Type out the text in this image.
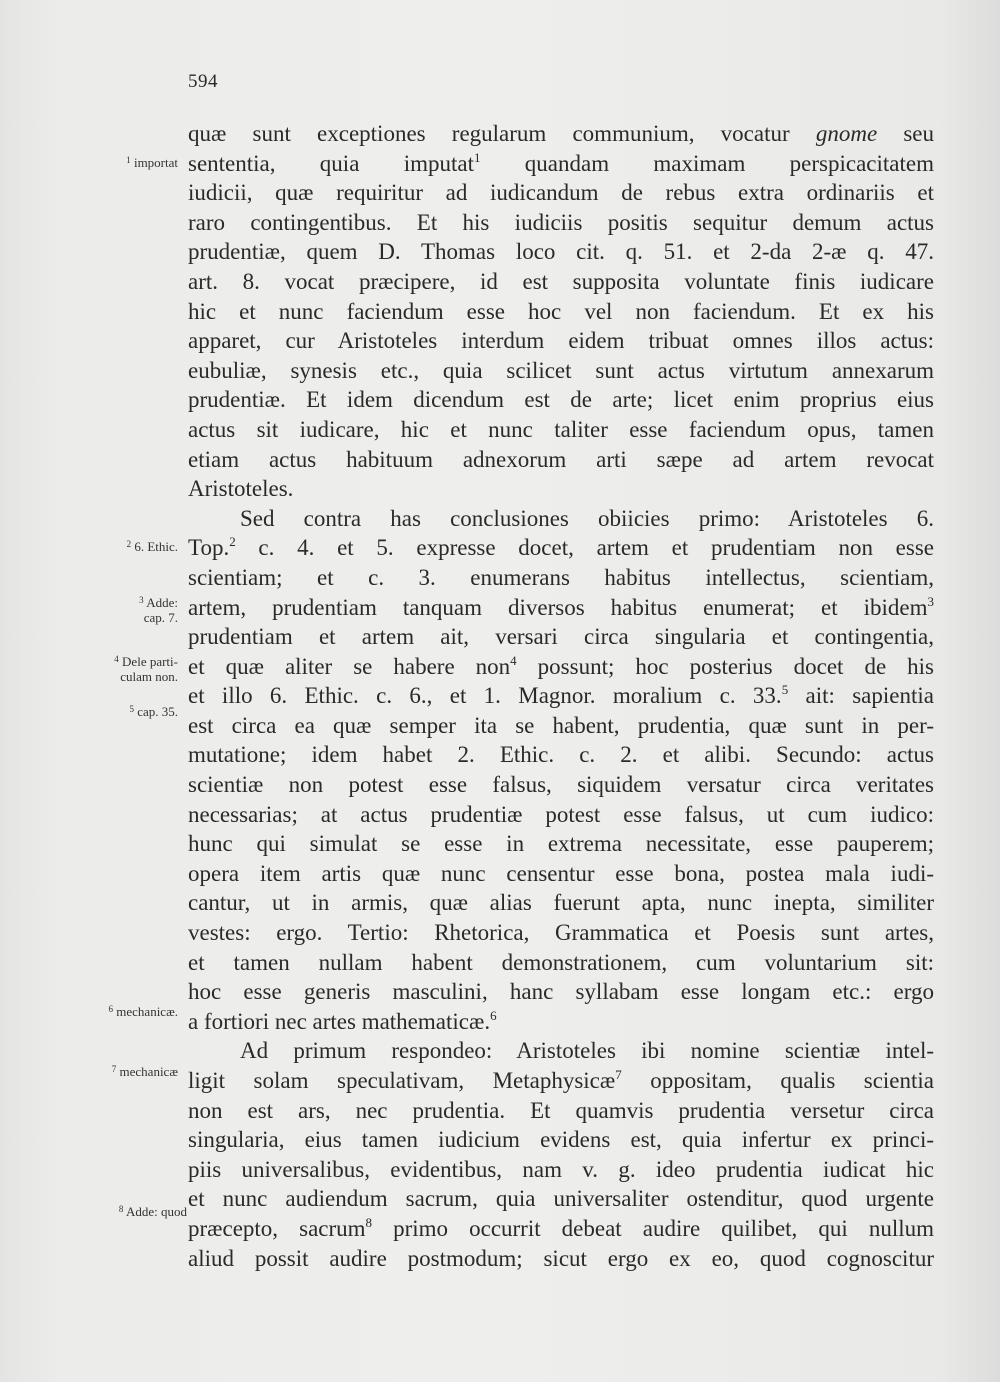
594
quæ sunt exceptiones regularum communium, vocatur gnome seu
sententia, quia imputat$^1$ quandam maximam perspicacitatem
iudicii, quæ requiritur ad iudicandum de rebus extra ordinariis et
raro contingentibus. Et his iudiciis positis sequitur demum actus
prudentiæ, quem D. Thomas loco cit. q. 51. et 2-da 2-æ q. 47.
art. 8. vocat præcipere, id est supposita voluntate finis iudicare
hic et nunc faciendum esse hoc vel non faciendum. Et ex his
apparet, cur Aristoteles interdum eidem tribuat omnes illos actus:
eubuliæ, synesis etc., quia scilicet sunt actus virtutum annexarum
prudentiæ. Et idem dicendum est de arte; licet enim proprius eius
actus sit iudicare, hic et nunc taliter esse faciendum opus, tamen
etiam actus habituum adnexorum arti sæpe ad artem revocat
Aristoteles.
Sed contra has conclusiones obiicies primo: Aristoteles 6.
Top.$^2$ c. 4. et 5. expresse docet, artem et prudentiam non esse
scientiam; et c. 3. enumerans habitus intellectus, scientiam,
artem, prudentiam tanquam diversos habitus enumerat; et ibidem$^3$
prudentiam et artem ait, versari circa singularia et contingentia,
et quæ aliter se habere non$^4$ possunt; hoc posterius docet de his
et illo 6. Ethic. c. 6., et 1. Magnor. moralium c. 33.$^5$ ait: sapientia
est circa ea quæ semper ita se habent, prudentia, quæ sunt in per-
mutatione; idem habet 2. Ethic. c. 2. et alibi. Secundo: actus
scientiæ non potest esse falsus, siquidem versatur circa veritates
necessarias; at actus prudentiæ potest esse falsus, ut cum iudico:
hunc qui simulat se esse in extrema necessitate, esse pauperem;
opera item artis quæ nunc censentur esse bona, postea mala iudi-
cantur, ut in armis, quæ alias fuerunt apta, nunc inepta, similiter
vestes: ergo. Tertio: Rhetorica, Grammatica et Poesis sunt artes,
et tamen nullam habent demonstrationem, cum voluntarium sit:
hoc esse generis masculini, hanc syllabam esse longam etc.: ergo
a fortiori nec artes mathematicæ.$^6$
Ad primum respondeo: Aristoteles ibi nomine scientiæ intel-
ligit solam speculativam, Metaphysicæ$^7$ oppositam, qualis scientia
non est ars, nec prudentia. Et quamvis prudentia versetur circa
singularia, eius tamen iudicium evidens est, quia infertur ex princi-
piis universalibus, evidentibus, nam v. g. ideo prudentia iudicat hic
et nunc audiendum sacrum, quia universaliter ostenditur, quod urgente
præcepto, sacrum$^8$ primo occurrit debeat audire quilibet, qui nullum
aliud possit audire postmodum; sicut ergo ex eo, quod cognoscitur
$^1$ importat
$^2$ 6. Ethic.
$^3$ Adde:
cap. 7.
$^4$ Dele parti-
culam non.
$^5$ cap. 35.
$^6$ mechanicæ.
$^7$ mechanicæ
$^8$ Adde: quod
